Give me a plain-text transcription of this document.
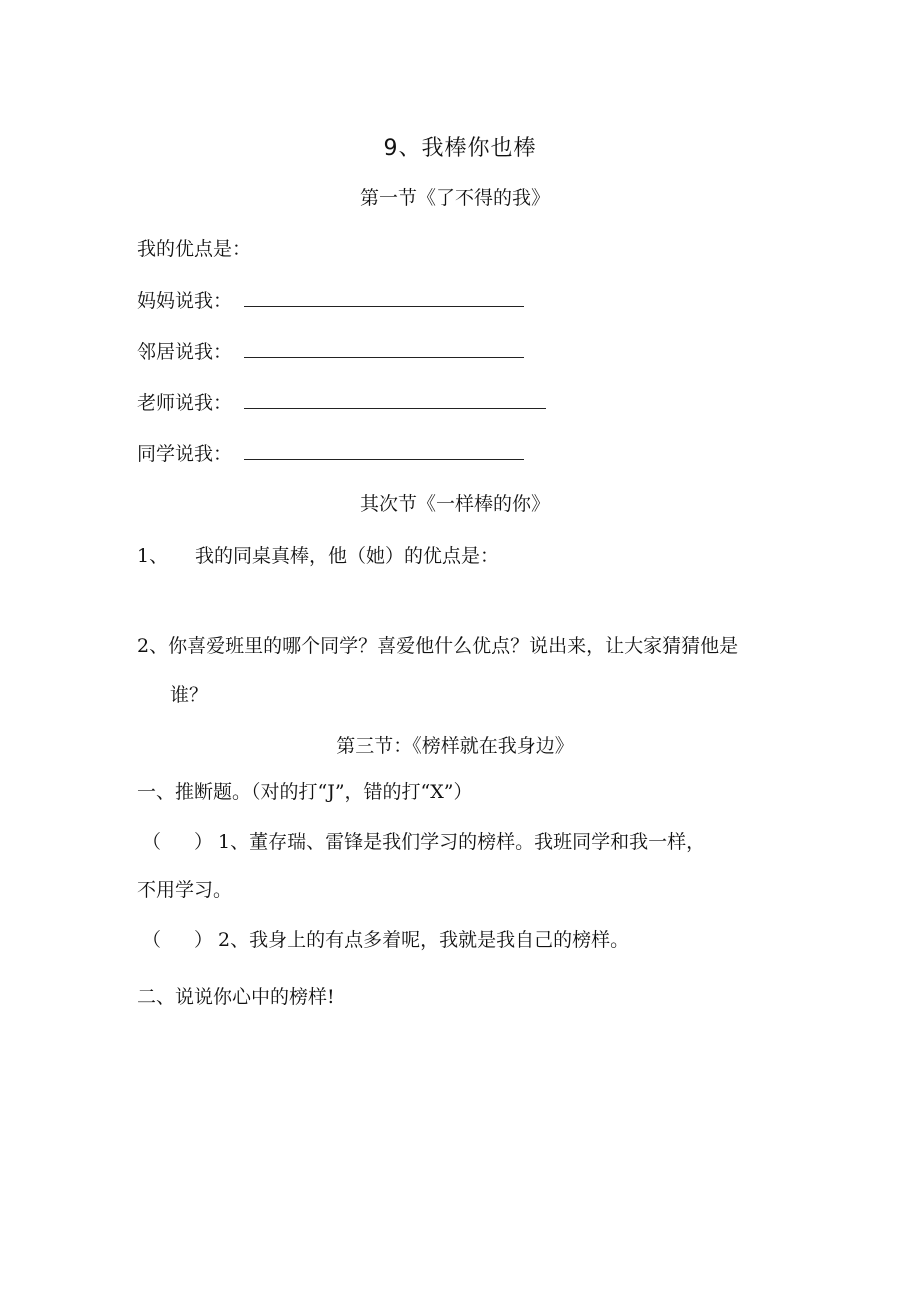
9、我棒你也棒
第一节《了不得的我》
我的优点是：
妈妈说我：
邻居说我：
老师说我：
同学说我：
其次节《一样棒的你》
1、 我的同桌真棒，他（她）的优点是：
2、你喜爱班里的哪个同学？喜爱他什么优点？说出来，让大家猜猜他是
谁？
第三节：《榜样就在我身边》
一、推断题。（对的打“J”，错的打“X”）
（ ） 1、董存瑞、雷锋是我们学习的榜样。我班同学和我一样，
不用学习。
（ ） 2、我身上的有点多着呢，我就是我自己的榜样。
二、说说你心中的榜样!
